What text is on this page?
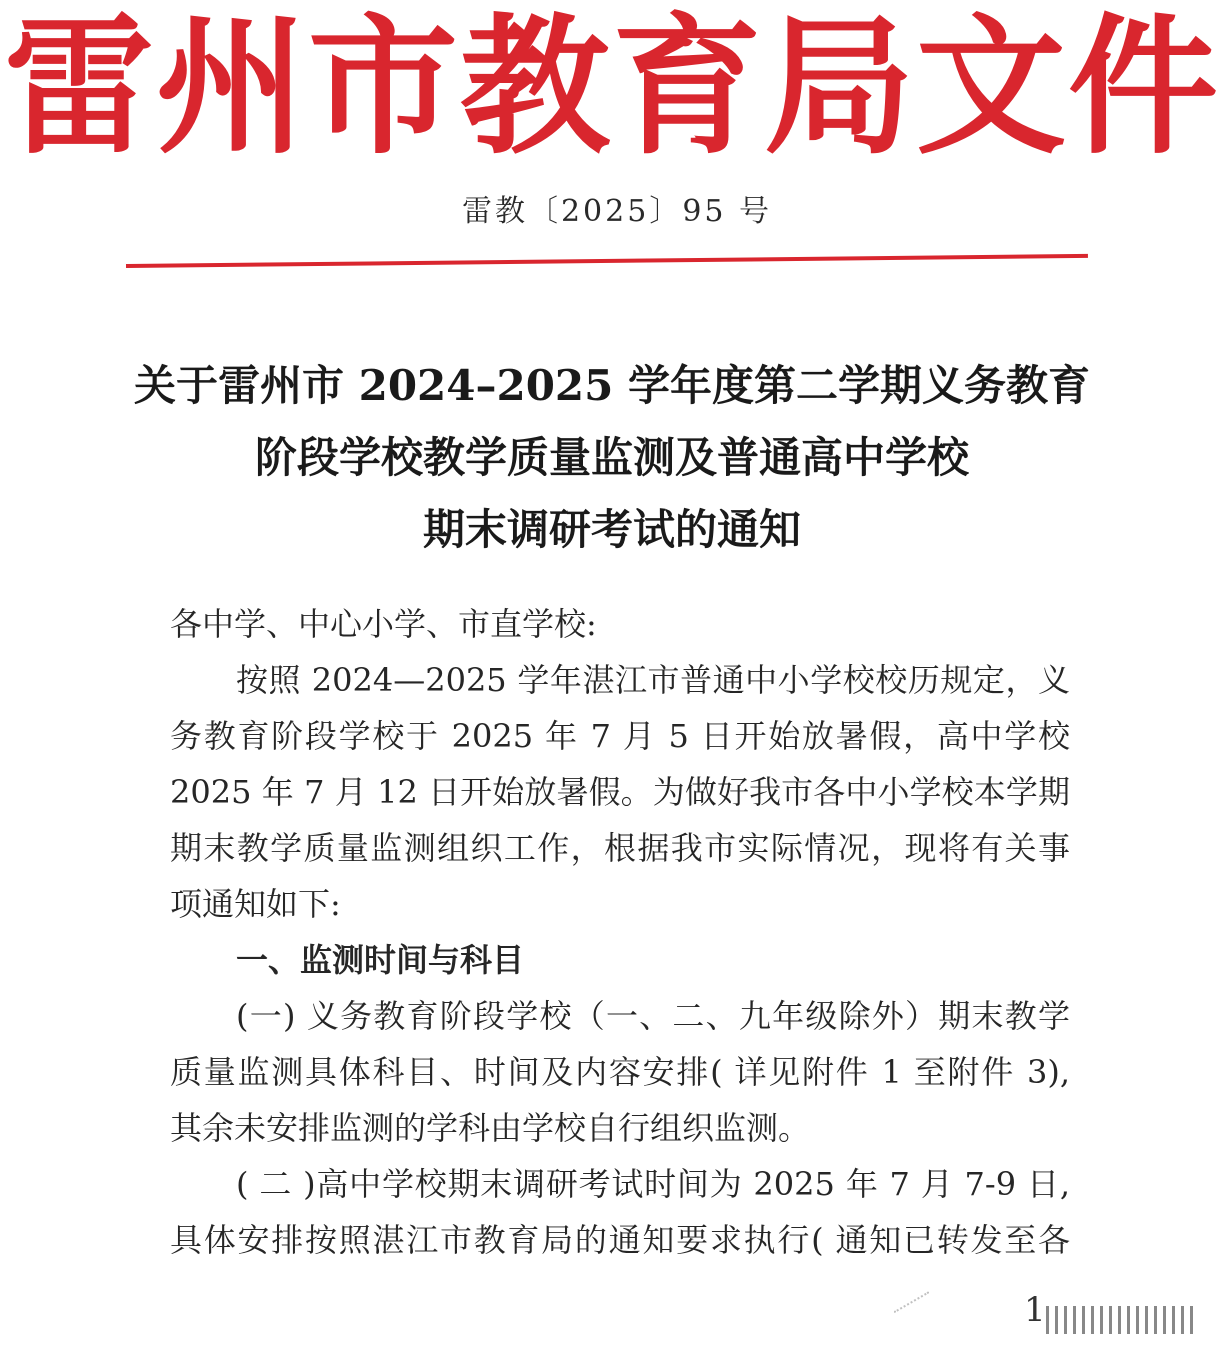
雷州市教育局文件
雷教〔2025〕95 号
关于雷州市 2024–2025 学年度第二学期义务教育
阶段学校教学质量监测及普通高中学校
期末调研考试的通知
各中学、中心小学、市直学校:
按照 2024—2025 学年湛江市普通中小学校校历规定，义
务教育阶段学校于 2025 年 7 月 5 日开始放暑假，高中学校
2025 年 7 月 12 日开始放暑假。为做好我市各中小学校本学期
期末教学质量监测组织工作，根据我市实际情况，现将有关事
项通知如下:
一、监测时间与科目
(一) 义务教育阶段学校（一、二、九年级除外）期末教学
质量监测具体科目、时间及内容安排( 详见附件 1 至附件 3),
其余未安排监测的学科由学校自行组织监测。
( 二 )高中学校期末调研考试时间为 2025 年 7 月 7-9 日,
具体安排按照湛江市教育局的通知要求执行( 通知已转发至各
1
